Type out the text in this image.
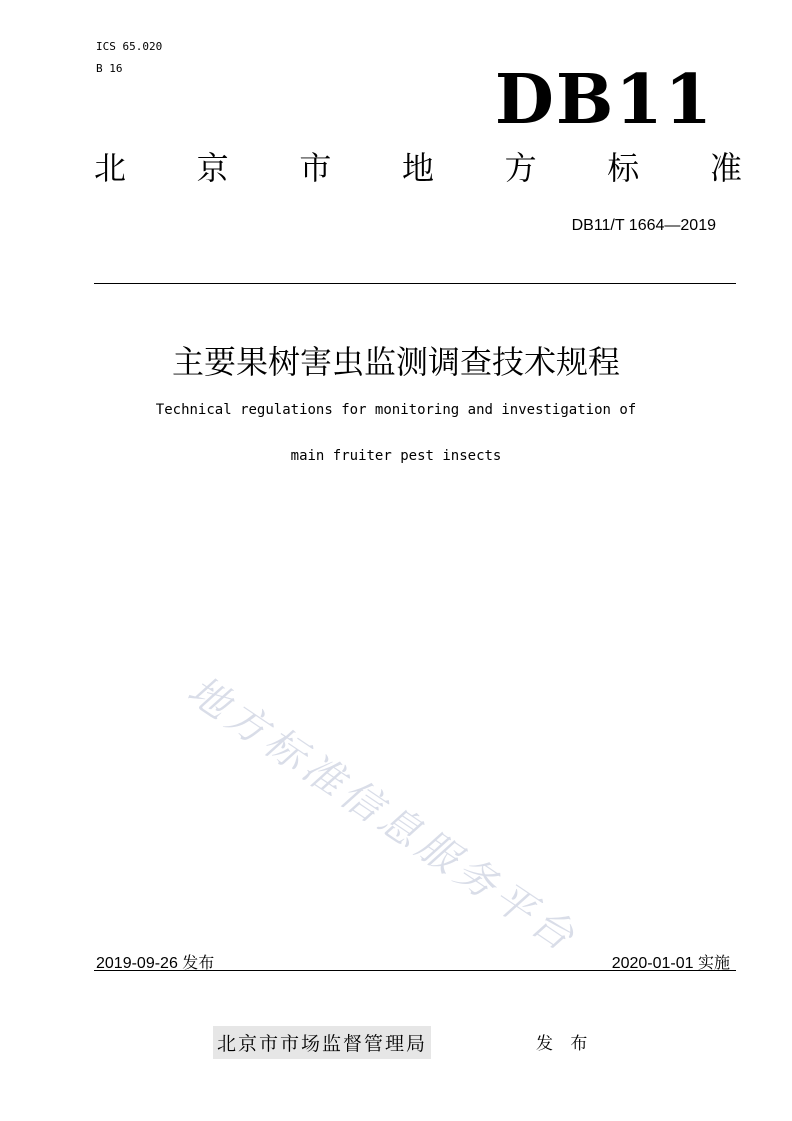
ICS 65.020
B 16	DB11
北 京 市 地 方 标 准
DB11/T 1664—2019
主要果树害虫监测调查技术规程
Technical regulations for monitoring and investigation of
main fruiter pest insects
地方标准信息服务平台
2019-09-26 发布	2020-01-01 实施
北京市市场监督管理局	发 布
